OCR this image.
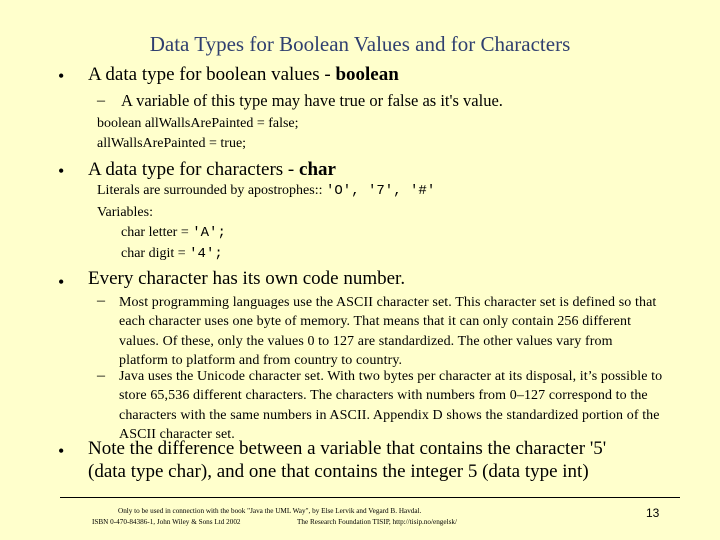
Data Types for Boolean Values and for Characters
• A data type for boolean values - boolean
– A variable of this type may have true or false as it's value.
boolean allWallsArePainted = false;
allWallsArePainted = true;
• A data type for characters - char
Literals are surrounded by apostrophes:: 'O', '7', '#'
Variables:
char letter = 'A';
char digit = '4';
• Every character has its own code number.
– Most programming languages use the ASCII character set. This character set is defined so that each character uses one byte of memory. That means that it can only contain 256 different values. Of these, only the values 0 to 127 are standardized. The other values vary from platform to platform and from country to country.
– Java uses the Unicode character set. With two bytes per character at its disposal, it’s possible to store 65,536 different characters. The characters with numbers from 0–127 correspond to the characters with the same numbers in ASCII. Appendix D shows the standardized portion of the ASCII character set.
• Note the difference between a variable that contains the character '5'
(data type char), and one that contains the integer 5 (data type int)
Only to be used in connection with the book "Java the UML Way", by Else Lervik and Vegard B. Havdal.
ISBN 0-470-84386-1, John Wiley & Sons Ltd 2002	The Research Foundation TISIP, http://tisip.no/engelsk/
13
